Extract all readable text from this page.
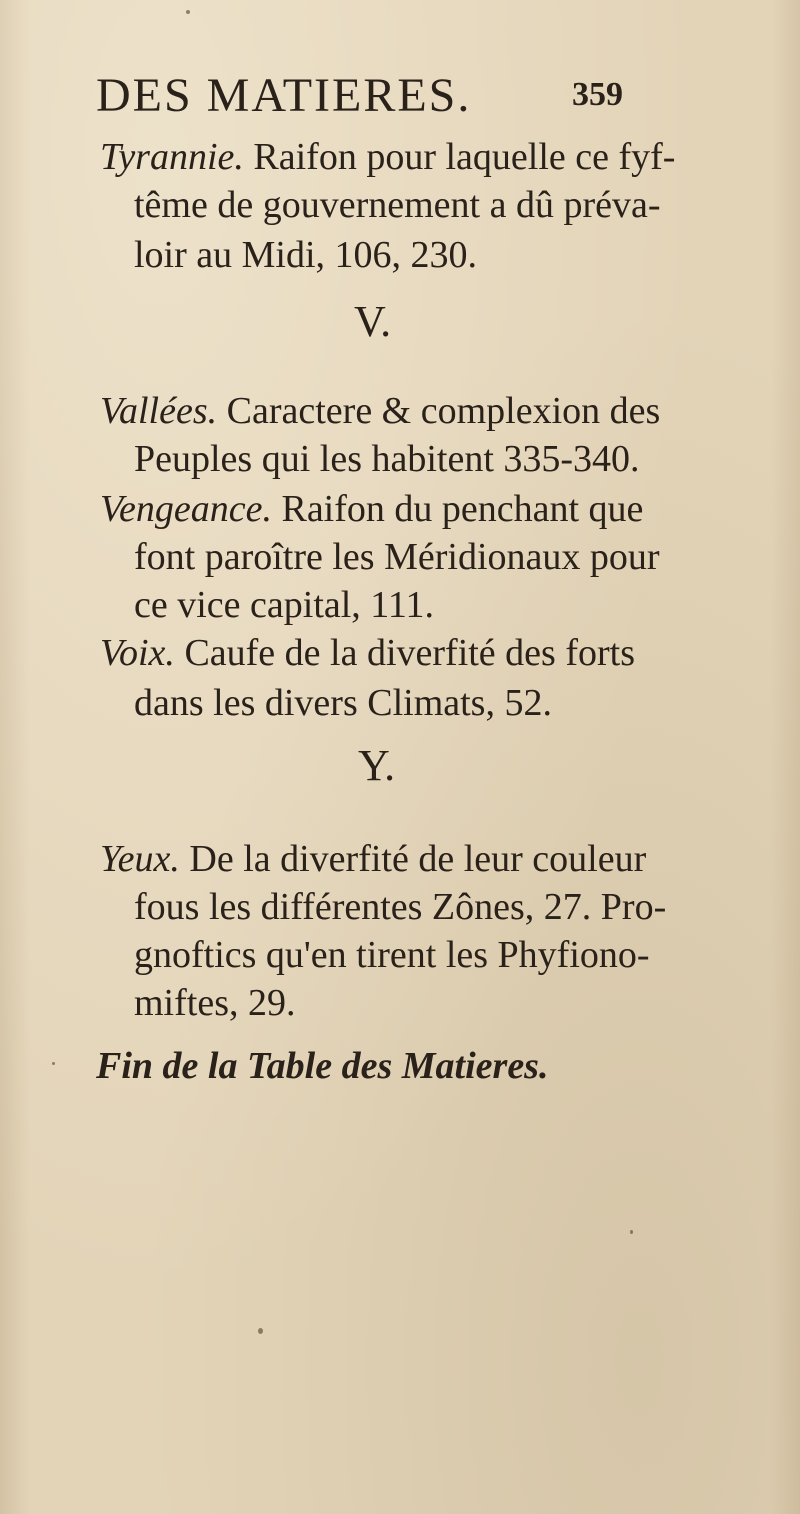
DES MATIERES.	359
Tyrannie. Raifon pour laquelle ce fyf-
tême de gouvernement a dû préva-
loir au Midi, 106, 230.
V.
Vallées. Caractere & complexion des
Peuples qui les habitent 335-340.
Vengeance. Raifon du penchant que
font paroître les Méridionaux pour
ce vice capital, 111.
Voix. Caufe de la diverfité des forts
dans les divers Climats, 52.
Y.
Yeux. De la diverfité de leur couleur
fous les différentes Zônes, 27. Pro-
gnoftics qu'en tirent les Phyfiono-
miftes, 29.
Fin de la Table des Matieres.
